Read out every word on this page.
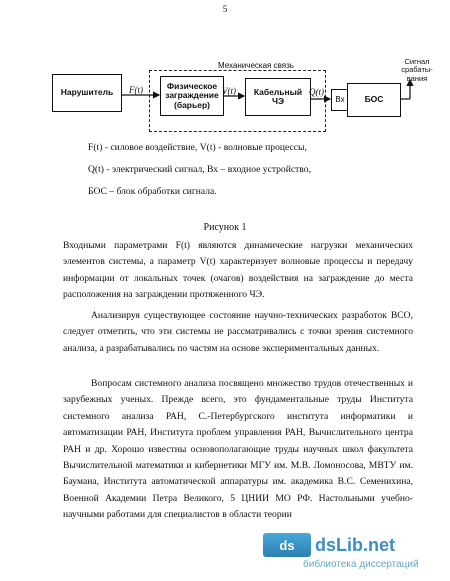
5
Механическая связь
Нарушитель
Физическое
заграждение
(барьер)
Кабельный
ЧЭ	Вх	БОС
Сигнал
срабаты-
вания
F(t)	V(t)	Q(t)
F(t) - силовое воздействие, V(t) - волновые процессы,
Q(t) - электрический сигнал, Вх – входное устройство,
БОС – блок обработки сигнала.
Рисунок 1
Входными параметрами F(t) являются динамические нагрузки механических элементов системы, а параметр V(t) характеризует волновые процессы и передачу информации от локальных точек (очагов) воздействия на заграждение до места расположения на заграждении протяженного ЧЭ.
Анализируя существующее состояние научно-технических разработок ВСО, следует отметить, что эти системы не рассматривались с точки зрения системного анализа, а разрабатывались по частям на основе экспериментальных данных.
Вопросам системного анализа посвящено множество трудов отечественных и зарубежных ученых. Прежде всего, это фундаментальные труды Института системного анализа РАН, С.-Петербургского института информатики и автоматизации РАН, Института проблем управления РАН, Вычислительного центра РАН и др. Хорошо известны основополагающие труды научных школ факультета Вычислительной математики и кибернетики МГУ им. М.В. Ломоносова, МВТУ им. Баумана, Института автоматической аппаратуры им. академика В.С. Семенихина, Военной Академии Петра Великого, 5 ЦНИИ МО РФ. Настольными учебно-научными работами для специалистов в области теории
ds	dsLib.net
библиотека диссертаций
